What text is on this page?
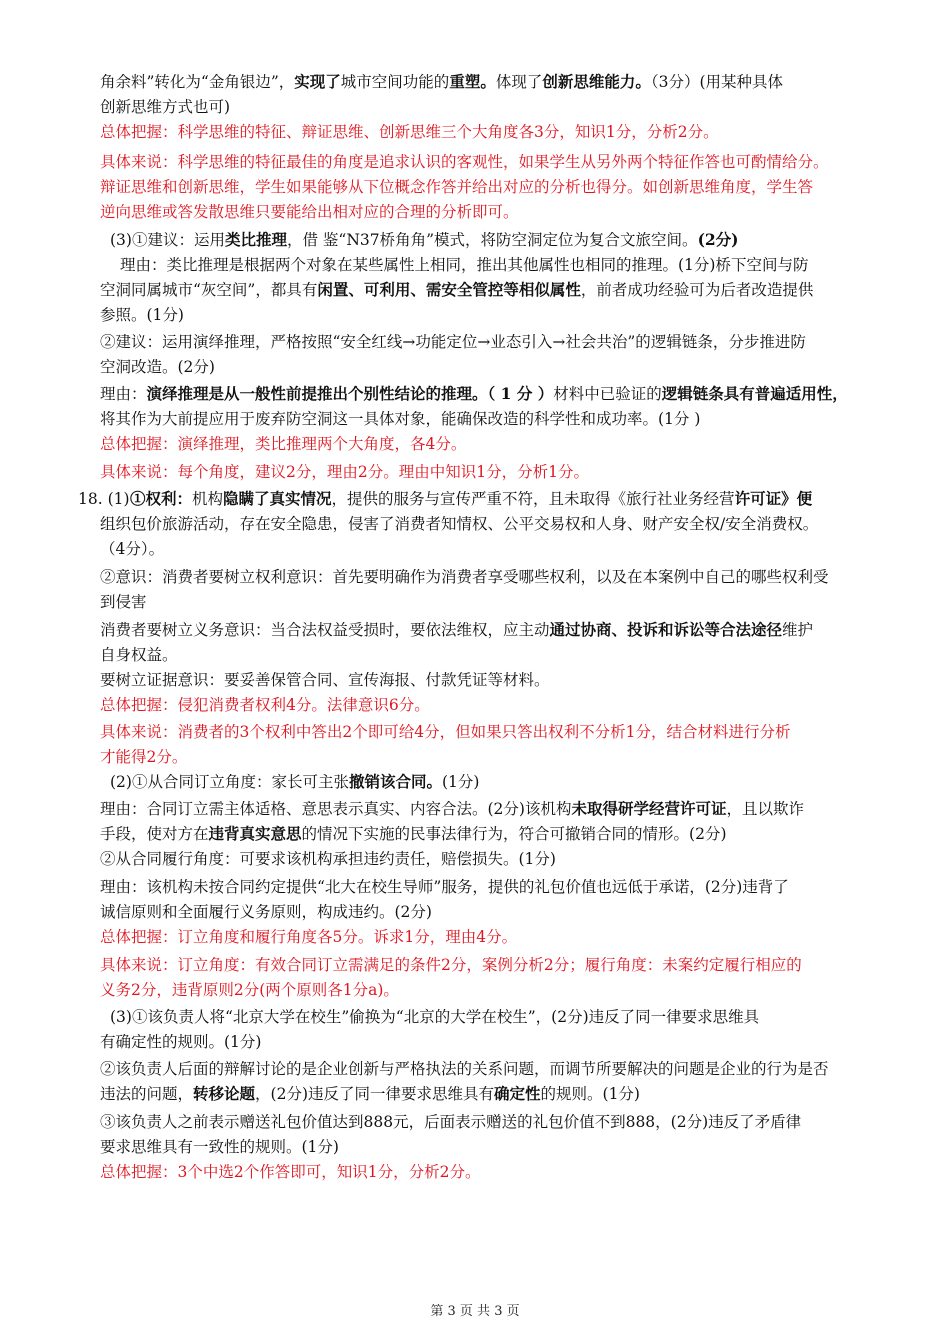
18. (1)
角余料”转化为“金角银边”，实现了城市空间功能的重塑。体现了创新思维能力。（3分）(用某种具体
创新思维方式也可)
总体把握：科学思维的特征、辩证思维、创新思维三个大角度各3分，知识1分，分析2分。
具体来说：科学思维的特征最佳的角度是追求认识的客观性，如果学生从另外两个特征作答也可酌情给分。
辩证思维和创新思维，学生如果能够从下位概念作答并给出对应的分析也得分。如创新思维角度，学生答
逆向思维或答发散思维只要能给出相对应的合理的分析即可。
(3)①建议：运用类比推理，借 鉴“N37桥角角”模式，将防空洞定位为复合文旅空间。(2分)
理由：类比推理是根据两个对象在某些属性上相同，推出其他属性也相同的推理。(1分)桥下空间与防
空洞同属城市“灰空间”，都具有闲置、可利用、需安全管控等相似属性，前者成功经验可为后者改造提供
参照。(1分)
②建议：运用演绎推理，严格按照“安全红线→功能定位→业态引入→社会共治”的逻辑链条，分步推进防
空洞改造。(2分)
理由：演绎推理是从一般性前提推出个别性结论的推理。（ 1 分 ）材料中已验证的逻辑链条具有普遍适用性，
将其作为大前提应用于废弃防空洞这一具体对象，能确保改造的科学性和成功率。(1分 )
总体把握：演绎推理，类比推理两个大角度，各4分。
具体来说：每个角度，建议2分，理由2分。理由中知识1分，分析1分。
①权利：机构隐瞒了真实情况，提供的服务与宣传严重不符，且未取得《旅行社业务经营许可证》便
组织包价旅游活动，存在安全隐患，侵害了消费者知情权、公平交易权和人身、财产安全权/安全消费权。
（4分）。
②意识：消费者要树立权利意识：首先要明确作为消费者享受哪些权利，以及在本案例中自己的哪些权利受
到侵害
消费者要树立义务意识：当合法权益受损时，要依法维权，应主动通过协商、投诉和诉讼等合法途径维护
自身权益。
要树立证据意识：要妥善保管合同、宣传海报、付款凭证等材料。
总体把握：侵犯消费者权利4分。法律意识6分。
具体来说：消费者的3个权利中答出2个即可给4分，但如果只答出权利不分析1分，结合材料进行分析
才能得2分。
(2)①从合同订立角度：家长可主张撤销该合同。(1分)
理由：合同订立需主体适格、意思表示真实、内容合法。(2分)该机构未取得研学经营许可证，且以欺诈
手段，使对方在违背真实意思的情况下实施的民事法律行为，符合可撤销合同的情形。(2分)
②从合同履行角度：可要求该机构承担违约责任，赔偿损失。(1分)
理由：该机构未按合同约定提供“北大在校生导师”服务，提供的礼包价值也远低于承诺，(2分)违背了
诚信原则和全面履行义务原则，构成违约。(2分)
总体把握：订立角度和履行角度各5分。诉求1分，理由4分。
具体来说：订立角度：有效合同订立需满足的条件2分，案例分析2分；履行角度：未案约定履行相应的
义务2分，违背原则2分(两个原则各1分a)。
(3)①该负责人将“北京大学在校生”偷换为“北京的大学在校生”，(2分)违反了同一律要求思维具
有确定性的规则。(1分)
②该负责人后面的辩解讨论的是企业创新与严格执法的关系问题，而调节所要解决的问题是企业的行为是否
违法的问题，转移论题，(2分)违反了同一律要求思维具有确定性的规则。(1分)
③该负责人之前表示赠送礼包价值达到888元，后面表示赠送的礼包价值不到888，(2分)违反了矛盾律
要求思维具有一致性的规则。(1分)
总体把握：3个中选2个作答即可，知识1分，分析2分。
第 3 页 共 3 页
